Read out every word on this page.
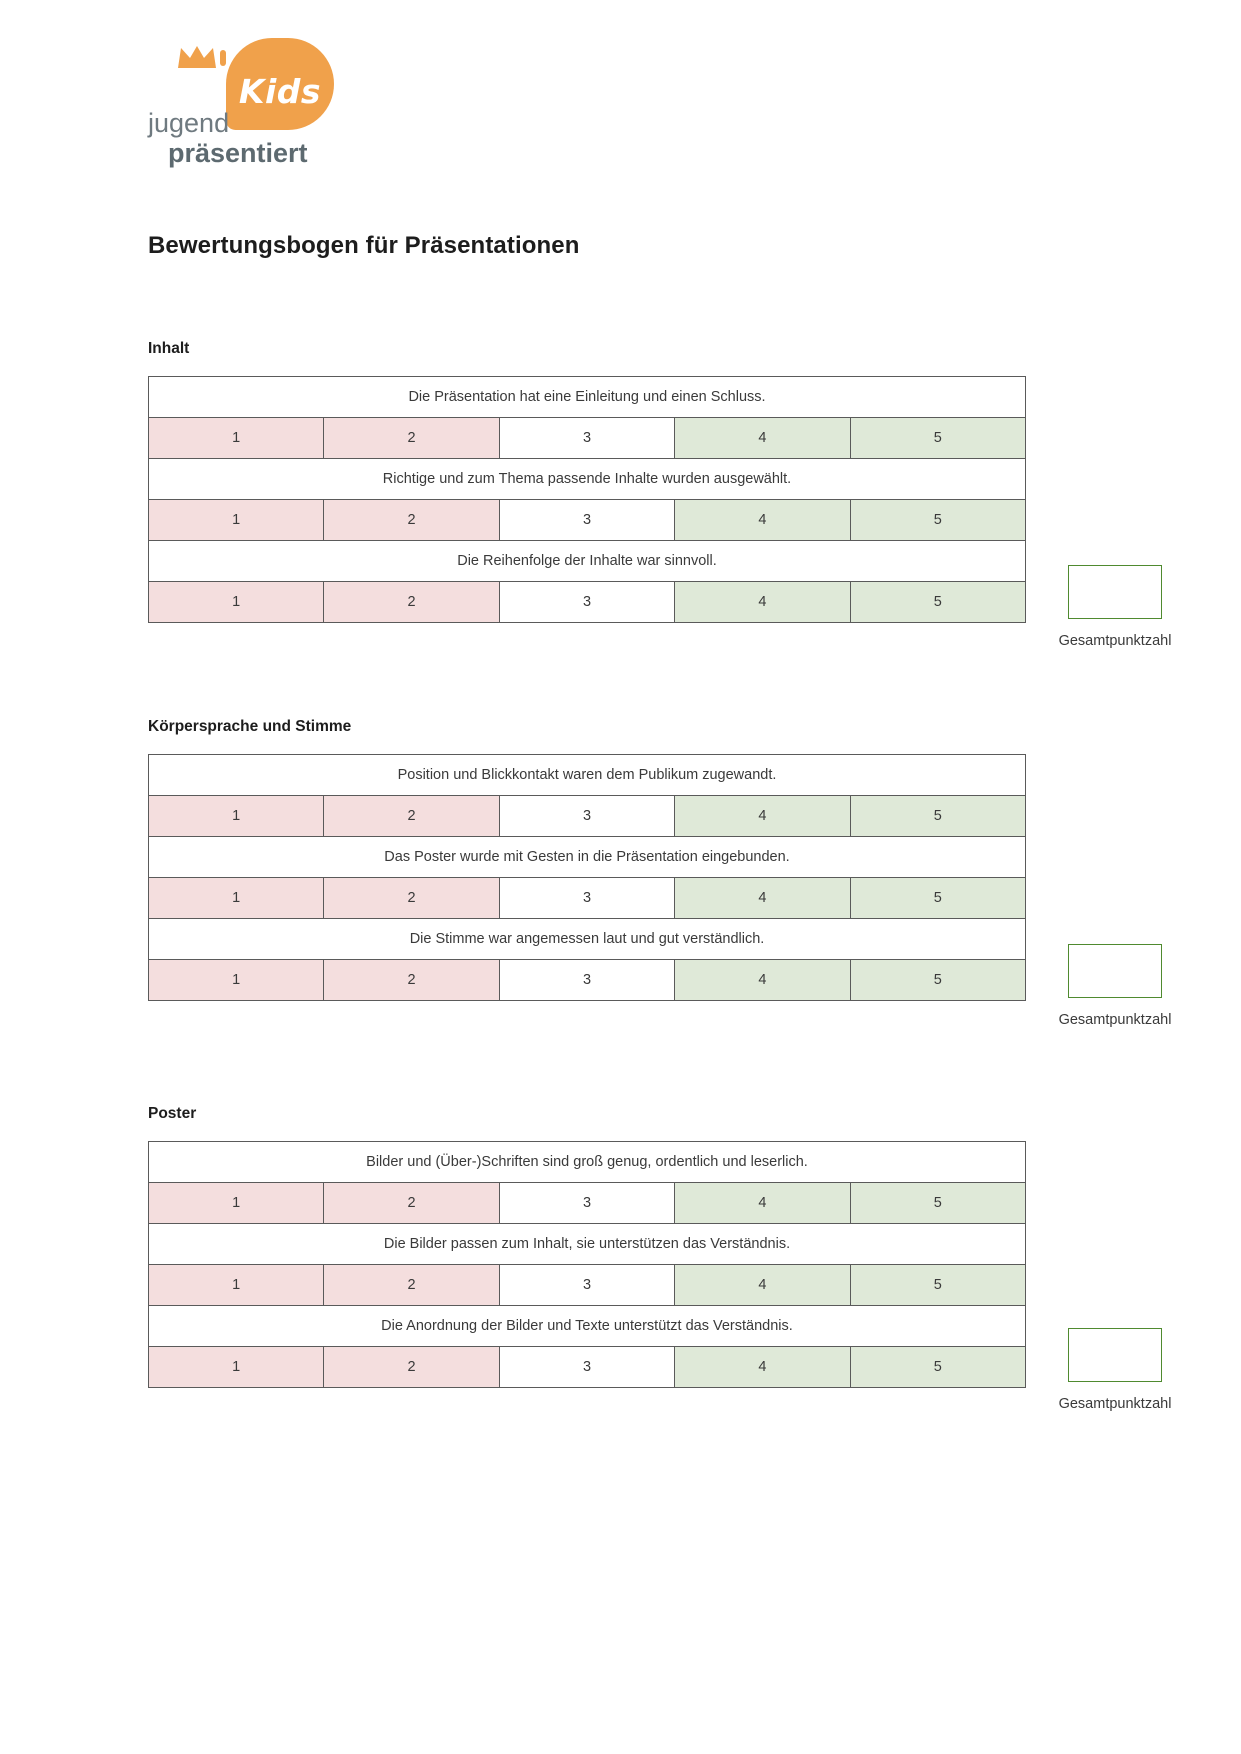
Kids
jugend
präsentiert
Bewertungsbogen für Präsentationen
Inhalt
Die Präsentation hat eine Einleitung und einen Schluss.				
1	2	3	4	5
Richtige und zum Thema passende Inhalte wurden ausgewählt.				
1	2	3	4	5
Die Reihenfolge der Inhalte war sinnvoll.				
1	2	3	4	5
Gesamtpunktzahl
Körpersprache und Stimme
Position und Blickkontakt waren dem Publikum zugewandt.				
1	2	3	4	5
Das Poster wurde mit Gesten in die Präsentation eingebunden.				
1	2	3	4	5
Die Stimme war angemessen laut und gut verständlich.				
1	2	3	4	5
Gesamtpunktzahl
Poster
Bilder und (Über-)Schriften sind groß genug, ordentlich und leserlich.				
1	2	3	4	5
Die Bilder passen zum Inhalt, sie unterstützen das Verständnis.				
1	2	3	4	5
Die Anordnung der Bilder und Texte unterstützt das Verständnis.				
1	2	3	4	5
Gesamtpunktzahl
